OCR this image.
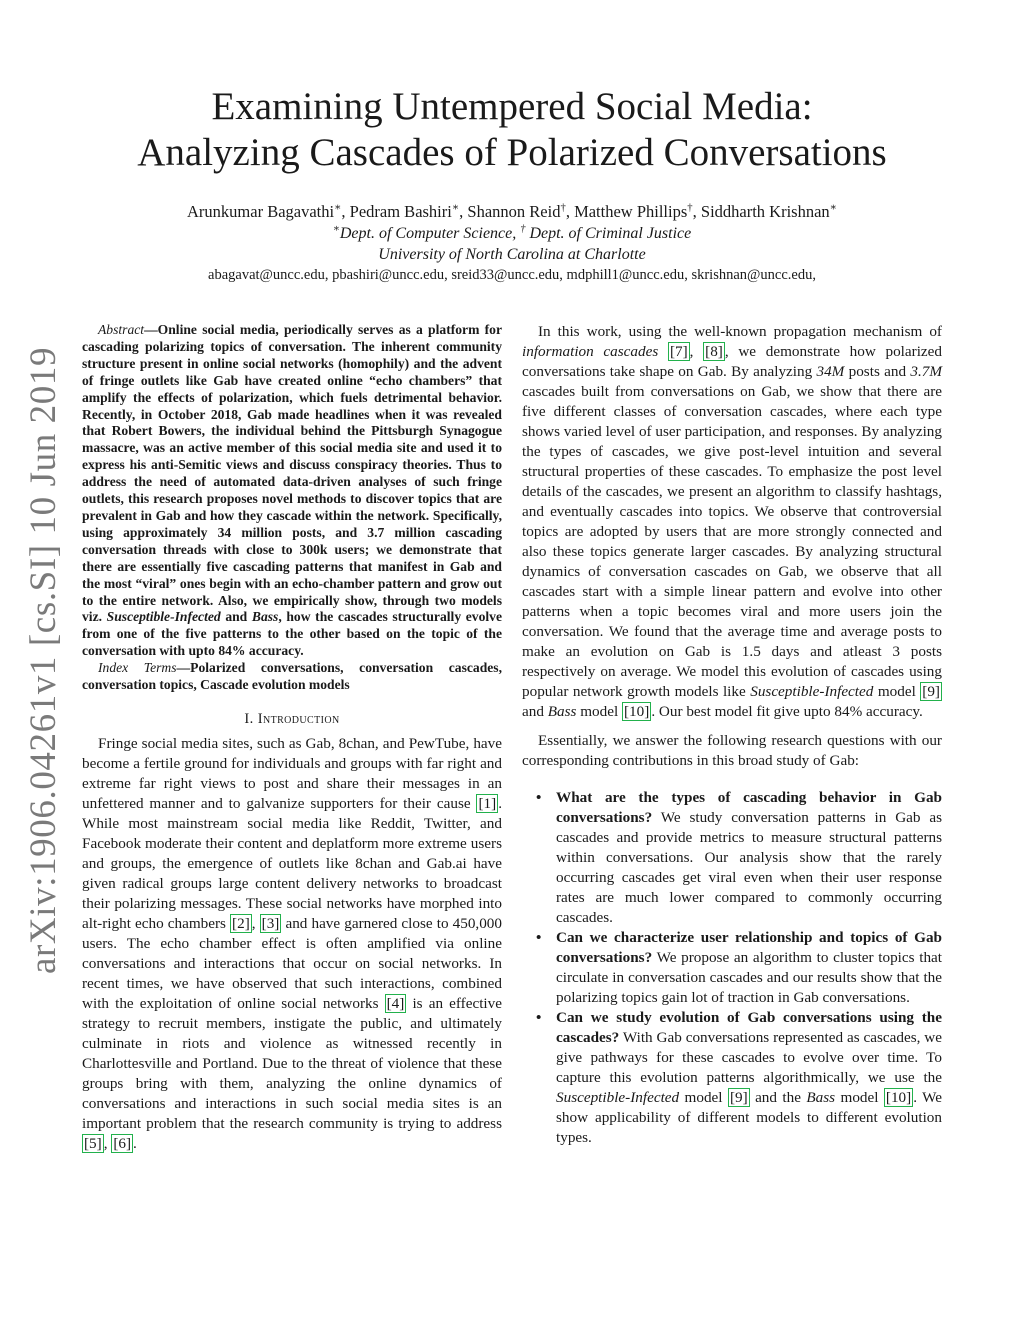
arXiv:1906.04261v1 [cs.SI] 10 Jun 2019
Examining Untempered Social Media:
Analyzing Cascades of Polarized Conversations
Arunkumar Bagavathi∗, Pedram Bashiri∗, Shannon Reid†, Matthew Phillips†, Siddharth Krishnan∗
∗Dept. of Computer Science, † Dept. of Criminal Justice
University of North Carolina at Charlotte
abagavat@uncc.edu, pbashiri@uncc.edu, sreid33@uncc.edu, mdphill1@uncc.edu, skrishnan@uncc.edu,

Abstract—Online social media, periodically serves as a platform for cascading polarizing topics of conversation. The inherent community structure present in online social networks (homophily) and the advent of fringe outlets like Gab have created online “echo chambers” that amplify the effects of polarization, which fuels detrimental behavior. Recently, in October 2018, Gab made headlines when it was revealed that Robert Bowers, the individual behind the Pittsburgh Synagogue massacre, was an active member of this social media site and used it to express his anti-Semitic views and discuss conspiracy theories. Thus to address the need of automated data-driven analyses of such fringe outlets, this research proposes novel methods to discover topics that are prevalent in Gab and how they cascade within the network. Specifically, using approximately 34 million posts, and 3.7 million cascading conversation threads with close to 300k users; we demonstrate that there are essentially five cascading patterns that manifest in Gab and the most “viral” ones begin with an echo-chamber pattern and grow out to the entire network. Also, we empirically show, through two models viz. Susceptible-Infected and Bass, how the cascades structurally evolve from one of the five patterns to the other based on the topic of the conversation with upto 84% accuracy.

Index Terms—Polarized conversations, conversation cascades, conversation topics, Cascade evolution models

I. Introduction

Fringe social media sites, such as Gab, 8chan, and PewTube, have become a fertile ground for individuals and groups with far right and extreme far right views to post and share their messages in an unfettered manner and to galvanize supporters for their cause [1] . While most mainstream social media like Reddit, Twitter, and Facebook moderate their content and deplatform more extreme users and groups, the emergence of outlets like 8chan and Gab.ai have given radical groups large content delivery networks to broadcast their polarizing messages. These social networks have morphed into alt-right echo chambers [2] , [3] and have garnered close to 450,000 users. The echo chamber effect is often amplified via online conversations and interactions that occur on social networks. In recent times, we have observed that such interactions, combined with the exploitation of online social networks [4] is an effective strategy to recruit members, instigate the public, and ultimately culminate in riots and violence as witnessed recently in Charlottesville and Portland. Due to the threat of violence that these groups bring with them, analyzing the online dynamics of conversations and interactions in such social media sites is an important problem that the research community is trying to address [5] , [6] .

In this work, using the well-known propagation mechanism of information cascades [7] , [8] , we demonstrate how polarized conversations take shape on Gab. By analyzing 34M posts and 3.7M cascades built from conversations on Gab, we show that there are five different classes of conversation cascades, where each type shows varied level of user participation, and responses. By analyzing the types of cascades, we give post-level intuition and several structural properties of these cascades. To emphasize the post level details of the cascades, we present an algorithm to classify hashtags, and eventually cascades into topics. We observe that controversial topics are adopted by users that are more strongly connected and also these topics generate larger cascades. By analyzing structural dynamics of conversation cascades on Gab, we observe that all cascades start with a simple linear pattern and evolve into other patterns when a topic becomes viral and more users join the conversation. We found that the average time and average posts to make an evolution on Gab is 1.5 days and atleast 3 posts respectively on average. We model this evolution of cascades using popular network growth models like Susceptible-Infected model [9] and Bass model [10] . Our best model fit give upto 84% accuracy.

Essentially, we answer the following research questions with our corresponding contributions in this broad study of Gab:

• What are the types of cascading behavior in Gab conversations? We study conversation patterns in Gab as cascades and provide metrics to measure structural patterns within conversations. Our analysis show that the rarely occurring cascades get viral even when their user response rates are much lower compared to commonly occurring cascades.
• Can we characterize user relationship and topics of Gab conversations? We propose an algorithm to cluster topics that circulate in conversation cascades and our results show that the polarizing topics gain lot of traction in Gab conversations.
• Can we study evolution of Gab conversations using the cascades? With Gab conversations represented as cascades, we give pathways for these cascades to evolve over time. To capture this evolution patterns algorithmically, we use the Susceptible-Infected model [9] and the Bass model [10] . We show applicability of different models to different evolution types.
